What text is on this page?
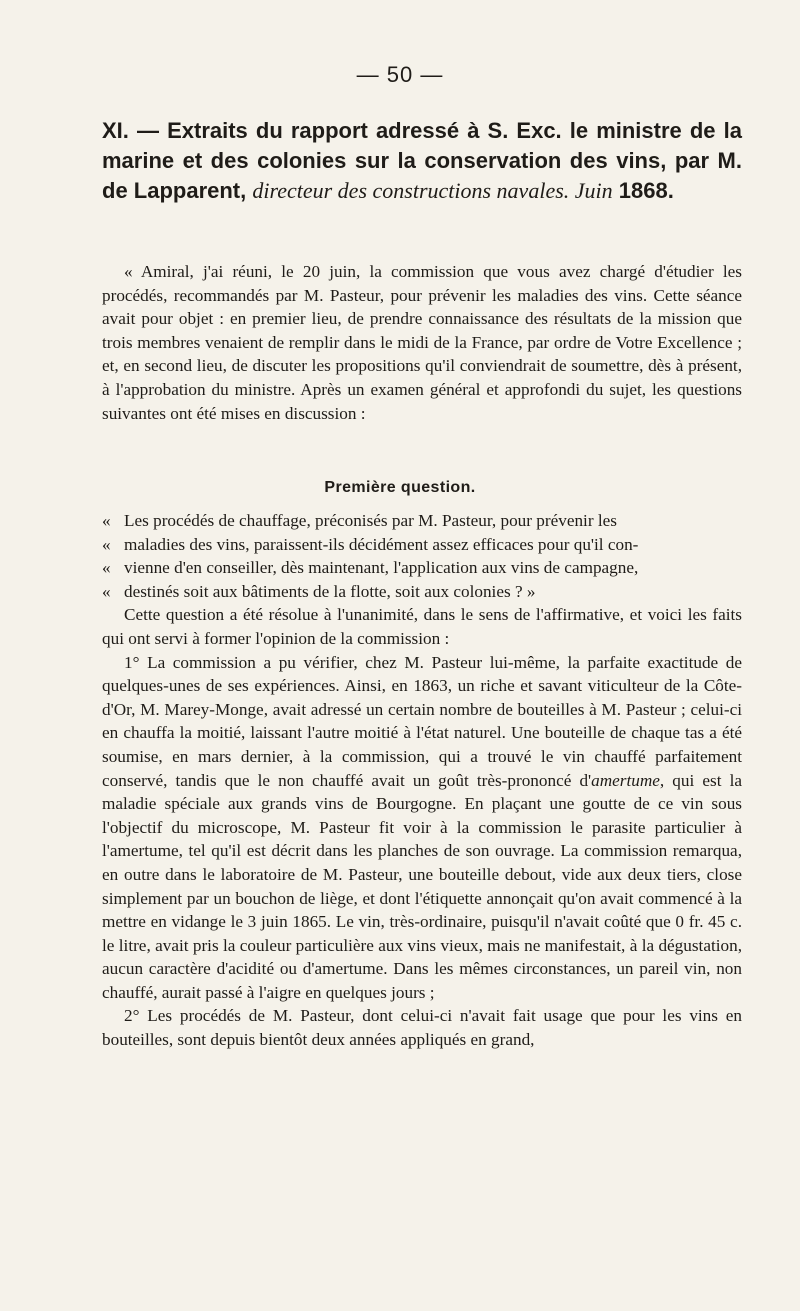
— 50 —
XI. — Extraits du rapport adressé à S. Exc. le ministre de la marine et des colonies sur la conservation des vins, par M. de Lapparent, directeur des constructions navales. Juin 1868.

« Amiral, j'ai réuni, le 20 juin, la commission que vous avez chargé d'étudier les procédés, recommandés par M. Pasteur, pour prévenir les maladies des vins. Cette séance avait pour objet : en premier lieu, de prendre connaissance des résultats de la mission que trois membres venaient de remplir dans le midi de la France, par ordre de Votre Excellence ; et, en second lieu, de discuter les propositions qu'il conviendrait de soumettre, dès à présent, à l'approbation du ministre. Après un examen général et approfondi du sujet, les questions suivantes ont été mises en discussion :

Première question.

« Les procédés de chauffage, préconisés par M. Pasteur, pour prévenir les

« maladies des vins, paraissent-ils décidément assez efficaces pour qu'il con-

« vienne d'en conseiller, dès maintenant, l'application aux vins de campagne,

« destinés soit aux bâtiments de la flotte, soit aux colonies ? »

Cette question a été résolue à l'unanimité, dans le sens de l'affirmative, et voici les faits qui ont servi à former l'opinion de la commission :

1° La commission a pu vérifier, chez M. Pasteur lui-même, la parfaite exactitude de quelques-unes de ses expériences. Ainsi, en 1863, un riche et savant viticulteur de la Côte-d'Or, M. Marey-Monge, avait adressé un certain nombre de bouteilles à M. Pasteur ; celui-ci en chauffa la moitié, laissant l'autre moitié à l'état naturel. Une bouteille de chaque tas a été soumise, en mars dernier, à la commission, qui a trouvé le vin chauffé parfaitement conservé, tandis que le non chauffé avait un goût très-prononcé d'amertume, qui est la maladie spéciale aux grands vins de Bourgogne. En plaçant une goutte de ce vin sous l'objectif du microscope, M. Pasteur fit voir à la commission le parasite particulier à l'amertume, tel qu'il est décrit dans les planches de son ouvrage. La commission remarqua, en outre dans le laboratoire de M. Pasteur, une bouteille debout, vide aux deux tiers, close simplement par un bouchon de liège, et dont l'étiquette annonçait qu'on avait commencé à la mettre en vidange le 3 juin 1865. Le vin, très-ordinaire, puisqu'il n'avait coûté que 0 fr. 45 c. le litre, avait pris la couleur particulière aux vins vieux, mais ne manifestait, à la dégustation, aucun caractère d'acidité ou d'amertume. Dans les mêmes circonstances, un pareil vin, non chauffé, aurait passé à l'aigre en quelques jours ;

2° Les procédés de M. Pasteur, dont celui-ci n'avait fait usage que pour les vins en bouteilles, sont depuis bientôt deux années appliqués en grand,
